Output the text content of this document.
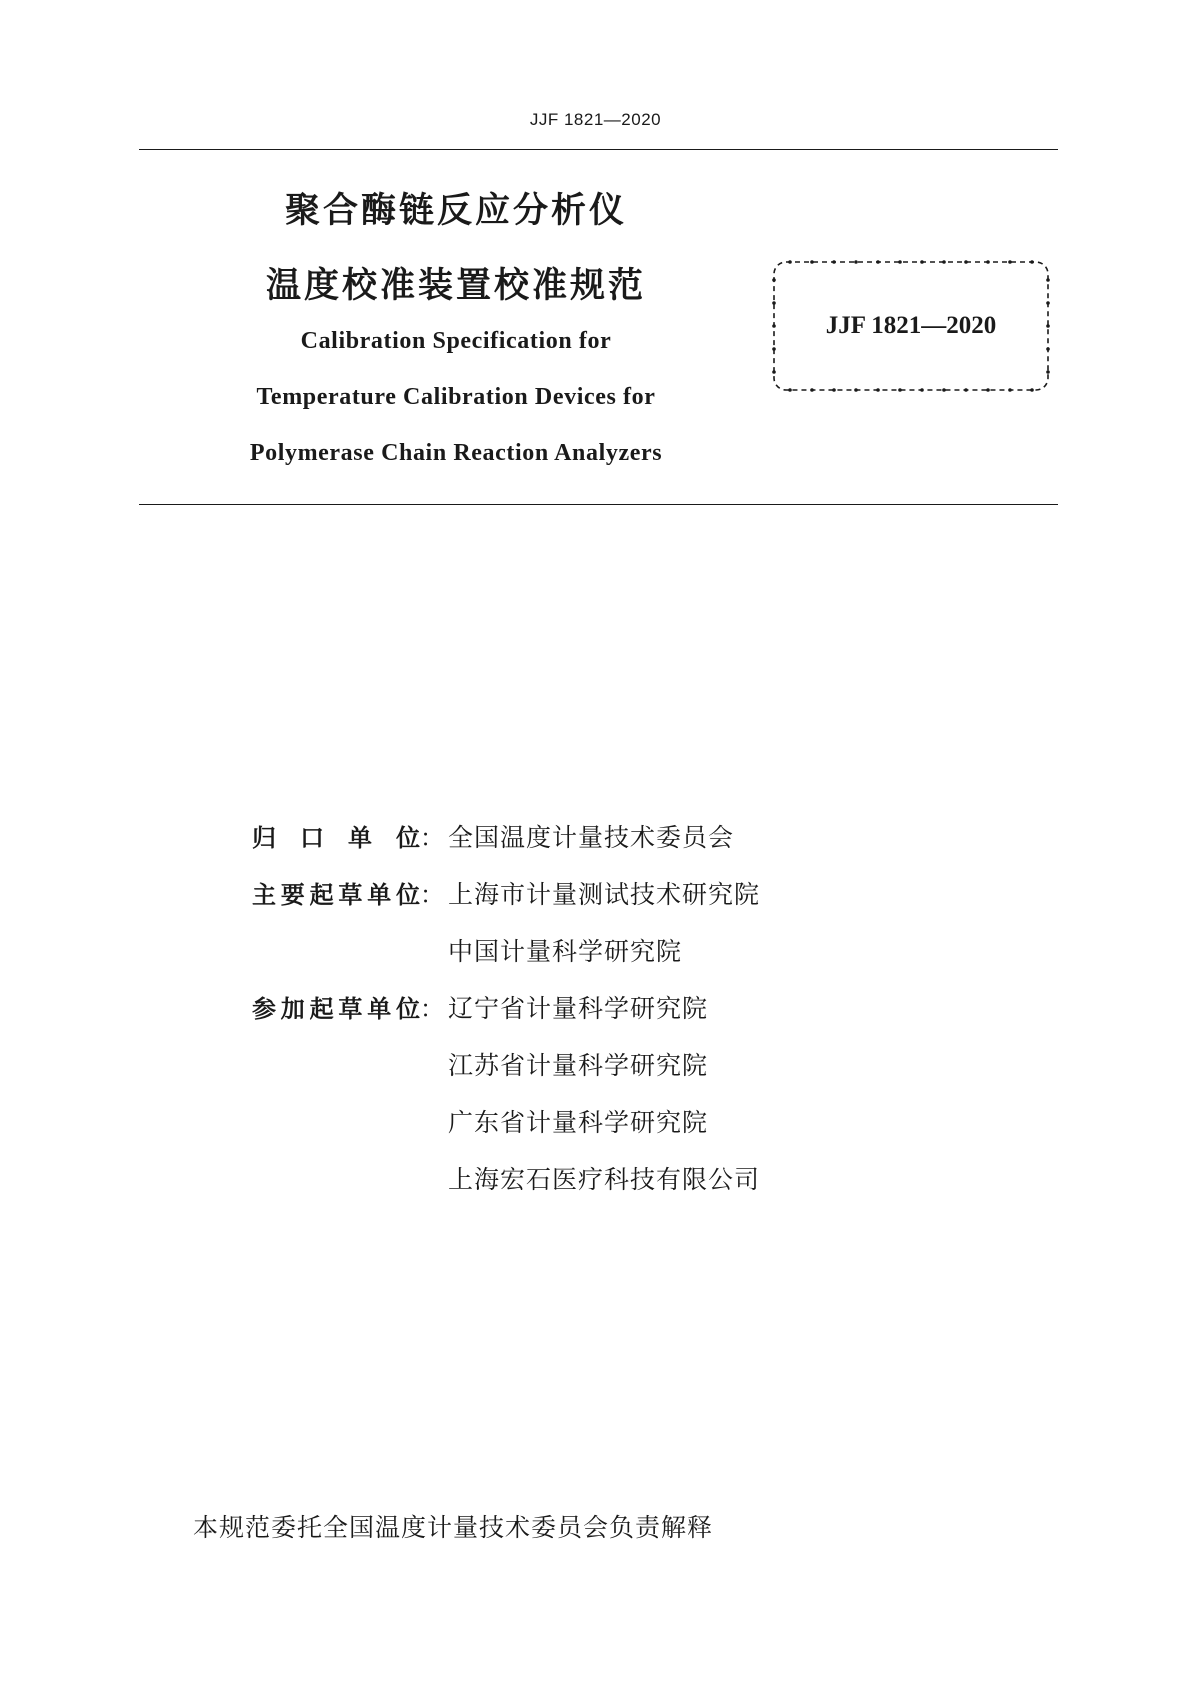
JJF 1821—2020
聚合酶链反应分析仪
温度校准装置校准规范
Calibration Specification for
Temperature Calibration Devices for
Polymerase Chain Reaction Analyzers
JJF 1821—2020
归 口 单 位 ： 全国温度计量技术委员会
主 要 起 草 单 位 ： 上海市计量测试技术研究院
中国计量科学研究院
参 加 起 草 单 位 ： 辽宁省计量科学研究院
江苏省计量科学研究院
广东省计量科学研究院
上海宏石医疗科技有限公司
本规范委托全国温度计量技术委员会负责解释
